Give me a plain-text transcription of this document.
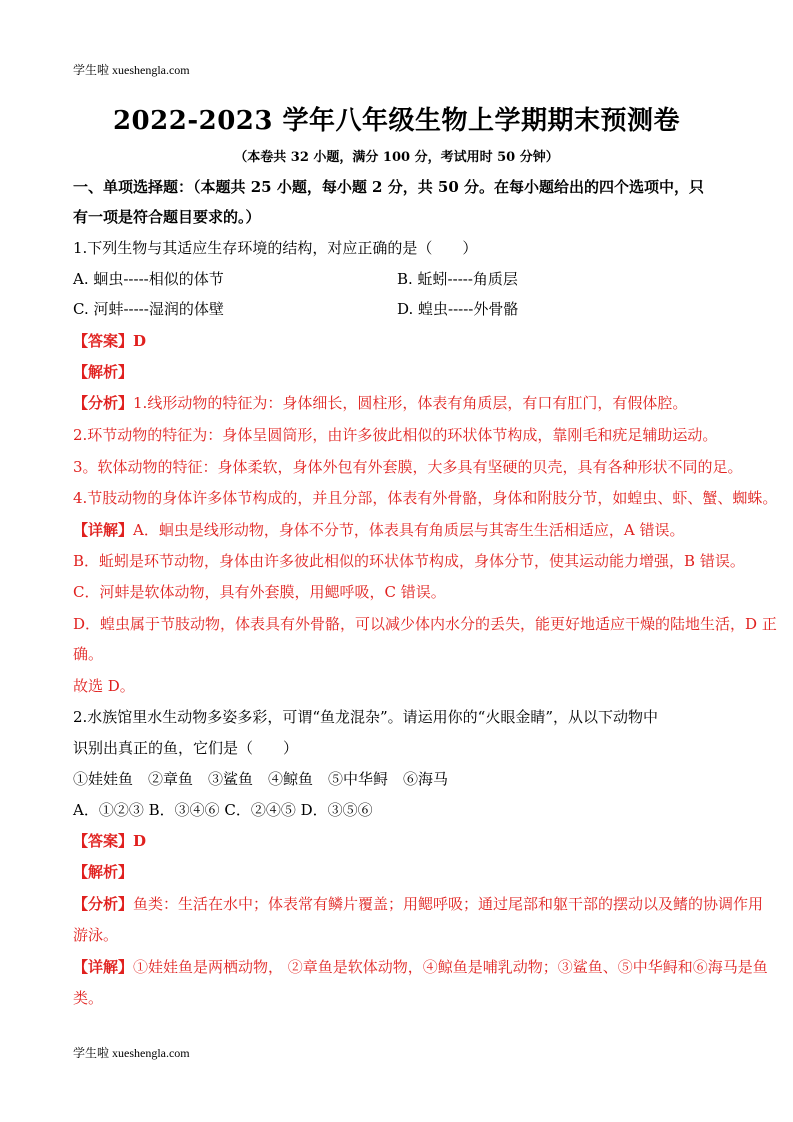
学生啦 xueshengla.com
2022-2023 学年八年级生物上学期期末预测卷
（本卷共 32 小题，满分 100 分，考试用时 50 分钟）
一、单项选择题：（本题共 25 小题，每小题 2 分，共 50 分。在每小题给出的四个选项中，只
有一项是符合题目要求的。）
1.下列生物与其适应生存环境的结构，对应正确的是（　　）
A. 蛔虫-----相似的体节	B. 蚯蚓-----角质层
C. 河蚌-----湿润的体壁	D. 蝗虫-----外骨骼
【答案】D
【解析】
【分析】1.线形动物的特征为：身体细长，圆柱形，体表有角质层，有口有肛门，有假体腔。
2.环节动物的特征为：身体呈圆筒形，由许多彼此相似的环状体节构成，靠刚毛和疣足辅助运动。
3。软体动物的特征：身体柔软，身体外包有外套膜，大多具有坚硬的贝壳，具有各种形状不同的足。
4.节肢动物的身体许多体节构成的，并且分部，体表有外骨骼，身体和附肢分节，如蝗虫、虾、蟹、蜘蛛。
【详解】A．蛔虫是线形动物，身体不分节，体表具有角质层与其寄生生活相适应，A 错误。
B．蚯蚓是环节动物，身体由许多彼此相似的环状体节构成，身体分节，使其运动能力增强，B 错误。
C．河蚌是软体动物，具有外套膜，用鳃呼吸，C 错误。
D．蝗虫属于节肢动物，体表具有外骨骼，可以减少体内水分的丢失，能更好地适应干燥的陆地生活，D 正
确。
故选 D。
2.水族馆里水生动物多姿多彩，可谓“鱼龙混杂”。请运用你的“火眼金睛”，从以下动物中
识别出真正的鱼，它们是（　　）
①娃娃鱼　②章鱼　③鲨鱼　④鲸鱼　⑤中华鲟　⑥海马
A．①②③ B．③④⑥ C．②④⑤ D．③⑤⑥
【答案】D
【解析】
【分析】鱼类：生活在水中；体表常有鳞片覆盖；用鳃呼吸；通过尾部和躯干部的摆动以及鳍的协调作用
游泳。
【详解】①娃娃鱼是两栖动物， ②章鱼是软体动物，④鲸鱼是哺乳动物；③鲨鱼、⑤中华鲟和⑥海马是鱼
类。
学生啦 xueshengla.com
